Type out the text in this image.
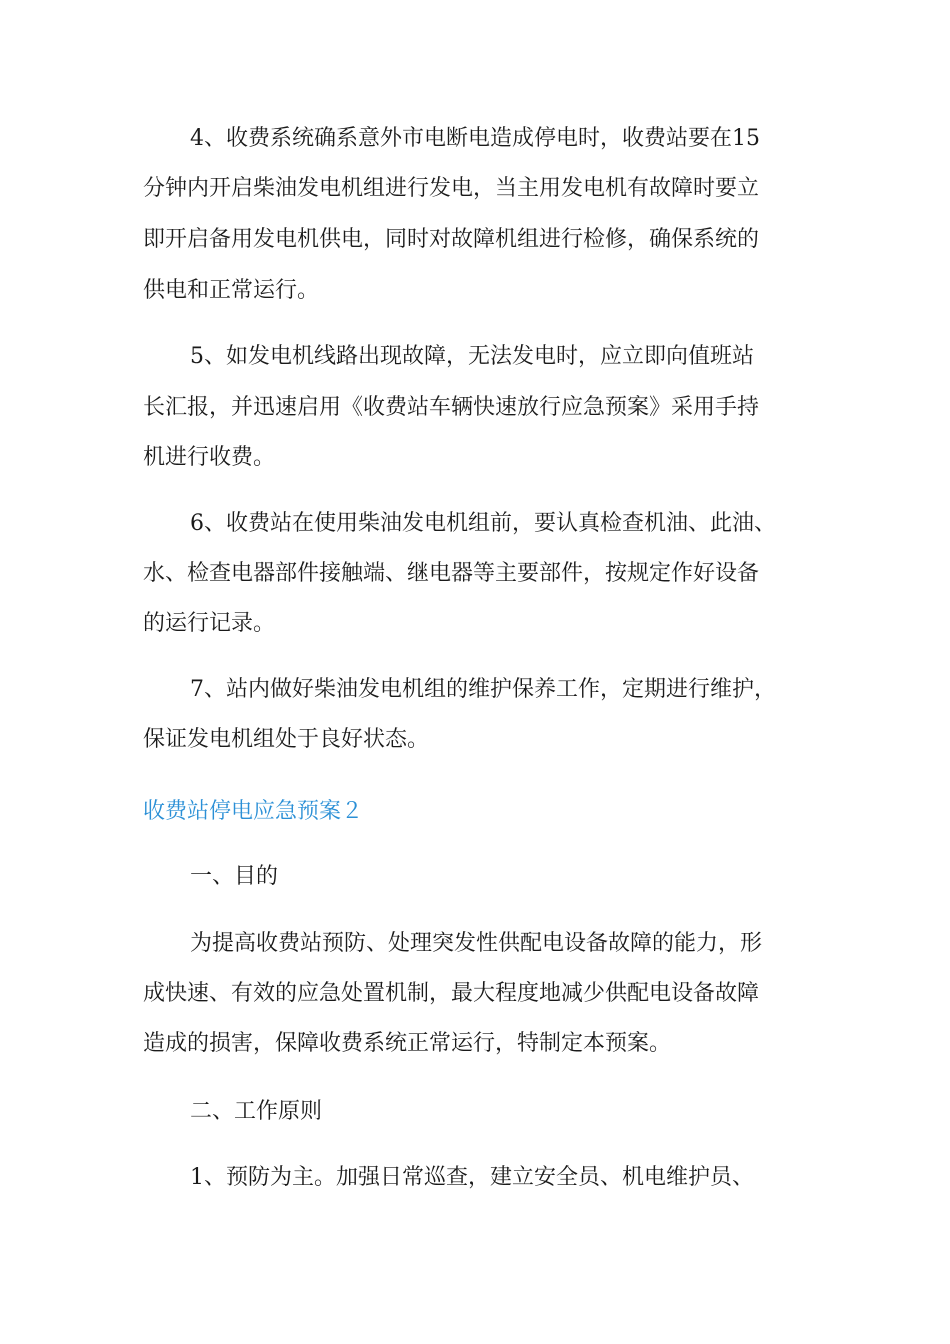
4、收费系统确系意外市电断电造成停电时，收费站要在15
分钟内开启柴油发电机组进行发电，当主用发电机有故障时要立
即开启备用发电机供电，同时对故障机组进行检修，确保系统的
供电和正常运行。
5、如发电机线路出现故障，无法发电时，应立即向值班站
长汇报，并迅速启用《收费站车辆快速放行应急预案》采用手持
机进行收费。
6、收费站在使用柴油发电机组前，要认真检查机油、此油、
水、检查电器部件接触端、继电器等主要部件，按规定作好设备
的运行记录。
7、站内做好柴油发电机组的维护保养工作，定期进行维护，
保证发电机组处于良好状态。
收费站停电应急预案２
一、目的
为提高收费站预防、处理突发性供配电设备故障的能力，形
成快速、有效的应急处置机制，最大程度地减少供配电设备故障
造成的损害，保障收费系统正常运行，特制定本预案。
二、工作原则
1、预防为主。加强日常巡查，建立安全员、机电维护员、
